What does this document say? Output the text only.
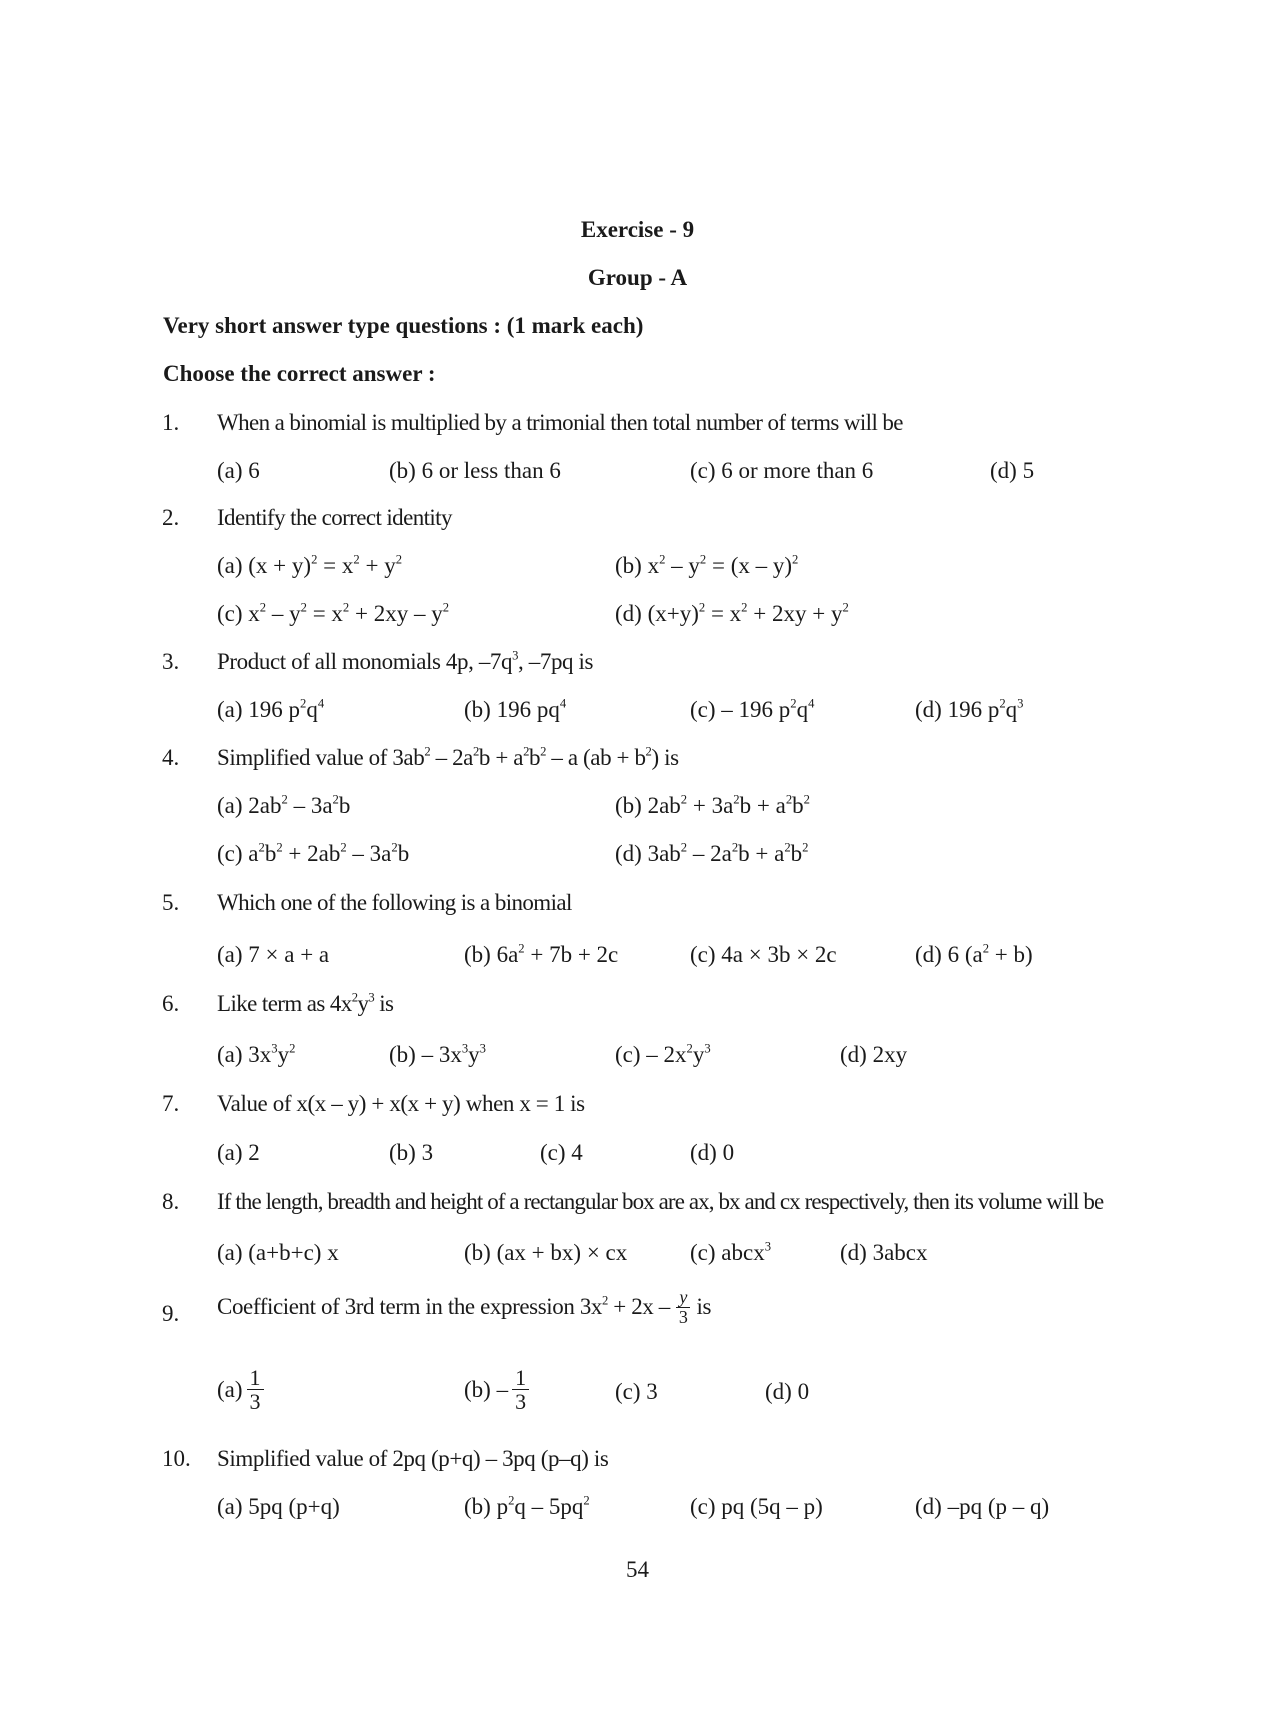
Exercise - 9
Group - A
Very short answer type questions : (1 mark each)
Choose the correct answer :
1. When a binomial is multiplied by a trimonial then total number of terms will be
(a) 6	(b) 6 or less than 6	(c) 6 or more than 6	(d) 5
2. Identify the correct identity
(a) $(x + y)^2 = x^2 + y^2$	(b) $x^2 - y^2 = (x - y)^2$
(c) $x^2 - y^2 = x^2 + 2xy - y^2$	(d) $(x+y)^2 = x^2 + 2xy + y^2$
3. Product of all monomials 4p, $-7q^3$, –7pq is
(a) 196 $p^2q^4$	(b) 196 $pq^4$	(c) – 196 $p^2q^4$	(d) 196 $p^2q^3$
4. Simplified value of $3ab^2 - 2a^2b + a^2b^2 - a$ $(ab + b^2)$ is
(a) $2ab^2 - 3a^2b$	(b) $2ab^2 + 3a^2b + a^2b^2$
(c) $a^2b^2 + 2ab^2 - 3a^2b$	(d) $3ab^2 - 2a^2b + a^2b^2$
5. Which one of the following is a binomial
(a) 7 × a + a	(b) $6a^2 + 7b + 2c$	(c) 4a × 3b × 2c	(d) 6 $(a^2 + b)$
6. Like term as $4x^2y^3$ is
(a) $3x^3y^2$	$(b) - 3x^3y^3$	$(c) - 2x^2y^3$	(d) 2xy
7. Value of x(x – y) + x(x + y) when x = 1 is
(a) 2	(b) 3	(c) 4	(d) 0
8. If the length, breadth and height of a rectangular box are ax, bx and cx respectively, then its volume will be
(a) (a+b+c) x	(b) (ax + bx) × cx	(c) abcx$^3$	(d) 3abcx
9. Coefficient of 3rd term in the expression $3x^2 + 2x - \frac{y}{3}$ is
$(a) \frac{1}{3}$	$(b) - \frac{1}{3}$	(c) 3	(d) 0
10. Simplified value of 2pq (p+q) – 3pq (p–q) is
(a) 5pq (p+q)	(b) $p^2q - 5pq^2$	(c) pq (5q – p)	(d) –pq (p – q)
54
